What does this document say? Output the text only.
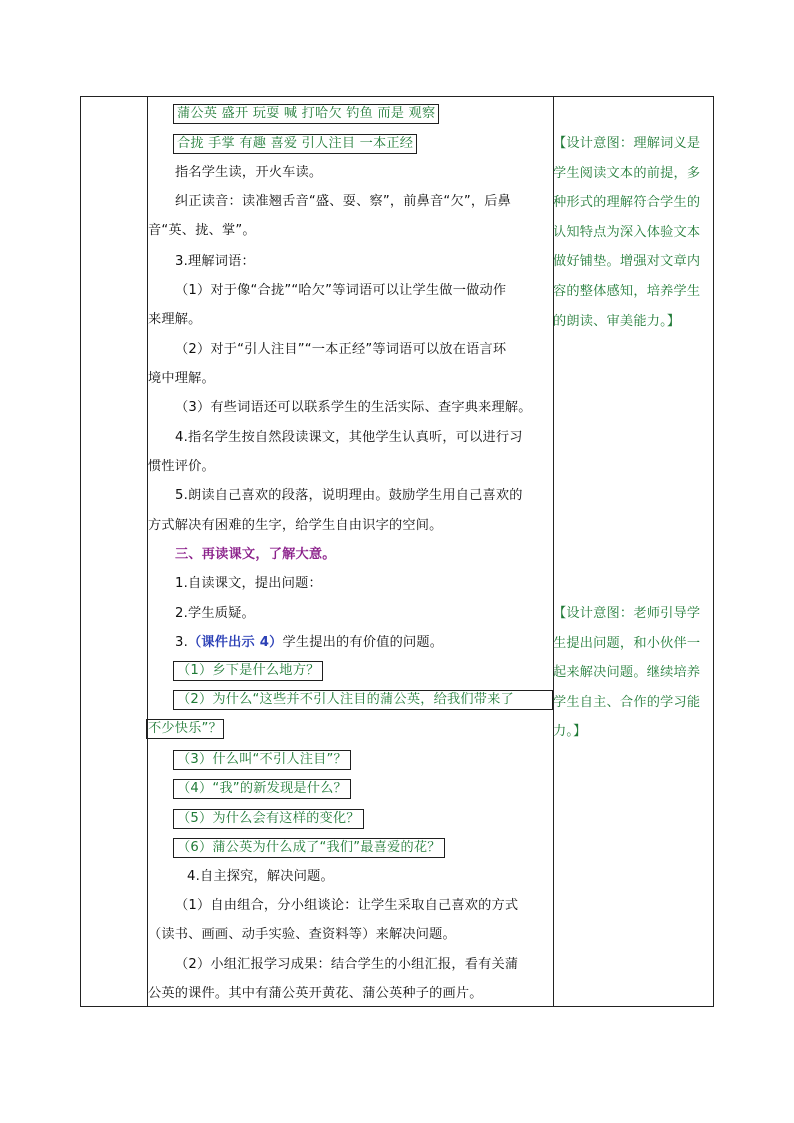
蒲公英 盛开 玩耍 喊 打哈欠 钓鱼 而是 观察
合拢 手掌 有趣 喜爱 引人注目 一本正经
指名学生读，开火车读。
纠正读音：读准翘舌音“盛、耍、察”，前鼻音“欠”，后鼻
音“英、拢、掌”。
3.理解词语：
（1）对于像“合拢”“哈欠”等词语可以让学生做一做动作
来理解。
（2）对于“引人注目”“一本正经”等词语可以放在语言环
境中理解。
（3）有些词语还可以联系学生的生活实际、查字典来理解。
4.指名学生按自然段读课文，其他学生认真听，可以进行习
惯性评价。
5.朗读自己喜欢的段落，说明理由。鼓励学生用自己喜欢的
方式解决有困难的生字，给学生自由识字的空间。
三、再读课文，了解大意。
1.自读课文，提出问题：
2.学生质疑。
3.（课件出示 4）学生提出的有价值的问题。
（1）乡下是什么地方？
（2）为什么“这些并不引人注目的蒲公英，给我们带来了
不少快乐”？
（3）什么叫“不引人注目”？
（4）“我”的新发现是什么？
（5）为什么会有这样的变化？
（6）蒲公英为什么成了“我们”最喜爱的花？
4.自主探究，解决问题。
（1）自由组合，分小组谈论：让学生采取自己喜欢的方式
（读书、画画、动手实验、查资料等）来解决问题。
（2）小组汇报学习成果：结合学生的小组汇报，看有关蒲
公英的课件。其中有蒲公英开黄花、蒲公英种子的画片。
【设计意图：理解词义是学生阅读文本的前提，多种形式的理解符合学生的认知特点为深入体验文本做好铺垫。增强对文章内容的整体感知，培养学生的朗读、审美能力。】
【设计意图：老师引导学生提出问题，和小伙伴一起来解决问题。继续培养学生自主、合作的学习能力。】
